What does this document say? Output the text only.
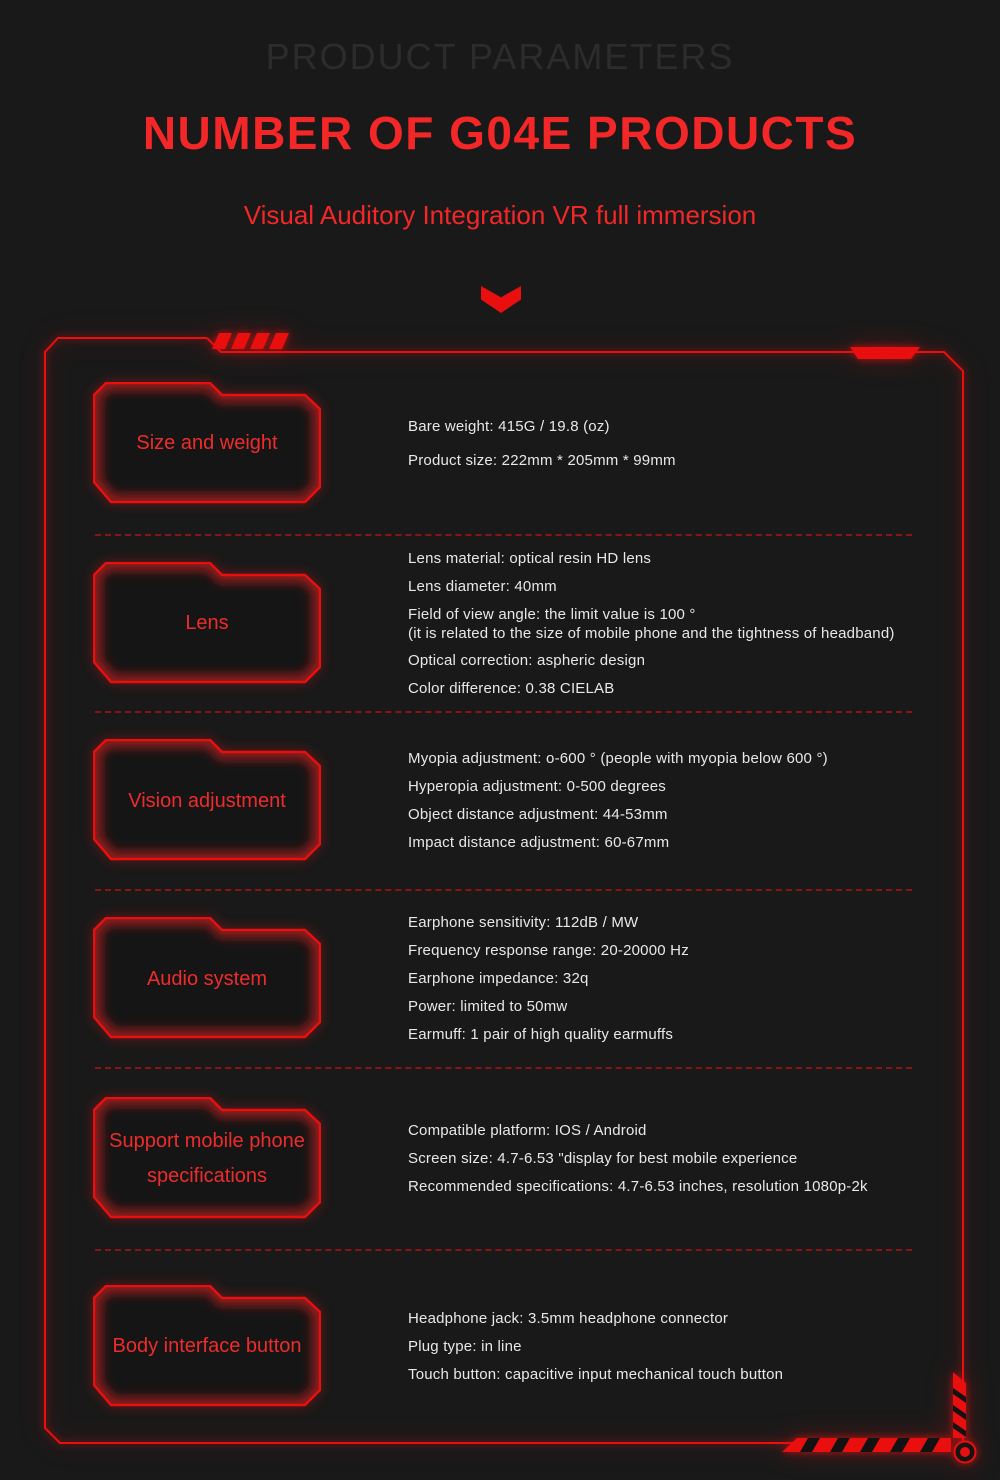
PRODUCT PARAMETERS
NUMBER OF G04E PRODUCTS
Visual Auditory Integration VR full immersion
Size and weight
Bare weight: 415G / 19.8 (oz)
Product size: 222mm * 205mm * 99mm
Lens
Lens material: optical resin HD lens
Lens diameter: 40mm
Field of view angle: the limit value is 100 °
(it is related to the size of mobile phone and the tightness of headband)
Optical correction: aspheric design
Color difference: 0.38 CIELAB
Vision adjustment
Myopia adjustment: o-600 ° (people with myopia below 600 °)
Hyperopia adjustment: 0-500 degrees
Object distance adjustment: 44-53mm
Impact distance adjustment: 60-67mm
Audio system
Earphone sensitivity: 112dB / MW
Frequency response range: 20-20000 Hz
Earphone impedance: 32q
Power: limited to 50mw
Earmuff: 1 pair of high quality earmuffs
Support mobile phone specifications
Compatible platform: IOS / Android
Screen size: 4.7-6.53 "display for best mobile experience
Recommended specifications: 4.7-6.53 inches, resolution 1080p-2k
Body interface button
Headphone jack: 3.5mm headphone connector
Plug type: in line
Touch button: capacitive input mechanical touch button
